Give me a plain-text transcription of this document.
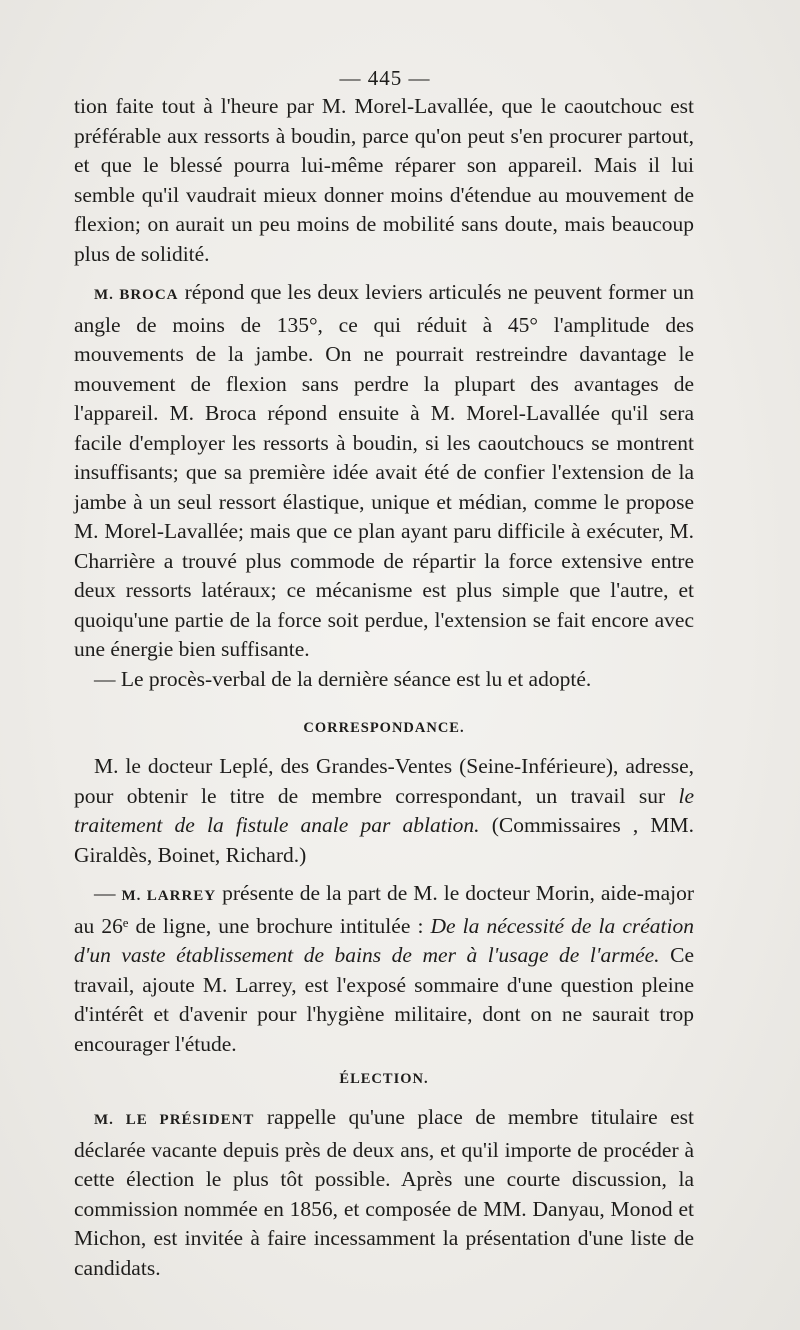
— 445 —

tion faite tout à l'heure par M. Morel-Lavallée, que le caoutchouc est préférable aux ressorts à boudin, parce qu'on peut s'en procurer partout, et que le blessé pourra lui-même réparer son appareil. Mais il lui semble qu'il vaudrait mieux donner moins d'étendue au mouvement de flexion; on aurait un peu moins de mobilité sans doute, mais beaucoup plus de solidité.

M. BROCA répond que les deux leviers articulés ne peuvent former un angle de moins de 135°, ce qui réduit à 45° l'amplitude des mouvements de la jambe. On ne pourrait restreindre davantage le mouvement de flexion sans perdre la plupart des avantages de l'appareil. M. Broca répond ensuite à M. Morel-Lavallée qu'il sera facile d'employer les ressorts à boudin, si les caoutchoucs se montrent insuffisants; que sa première idée avait été de confier l'extension de la jambe à un seul ressort élastique, unique et médian, comme le propose M. Morel-Lavallée; mais que ce plan ayant paru difficile à exécuter, M. Charrière a trouvé plus commode de répartir la force extensive entre deux ressorts latéraux; ce mécanisme est plus simple que l'autre, et quoiqu'une partie de la force soit perdue, l'extension se fait encore avec une énergie bien suffisante.

— Le procès-verbal de la dernière séance est lu et adopté.

CORRESPONDANCE.

M. le docteur Leplé, des Grandes-Ventes (Seine-Inférieure), adresse, pour obtenir le titre de membre correspondant, un travail sur le traitement de la fistule anale par ablation. (Commissaires , MM. Giraldès, Boinet, Richard.)

— M. LARREY présente de la part de M. le docteur Morin, aide-major au 26ᵉ de ligne, une brochure intitulée : De la nécessité de la création d'un vaste établissement de bains de mer à l'usage de l'armée. Ce travail, ajoute M. Larrey, est l'exposé sommaire d'une question pleine d'intérêt et d'avenir pour l'hygiène militaire, dont on ne saurait trop encourager l'étude.

ÉLECTION.

M. LE PRÉSIDENT rappelle qu'une place de membre titulaire est déclarée vacante depuis près de deux ans, et qu'il importe de procéder à cette élection le plus tôt possible. Après une courte discussion, la commission nommée en 1856, et composée de MM. Danyau, Monod et Michon, est invitée à faire incessamment la présentation d'une liste de candidats.
